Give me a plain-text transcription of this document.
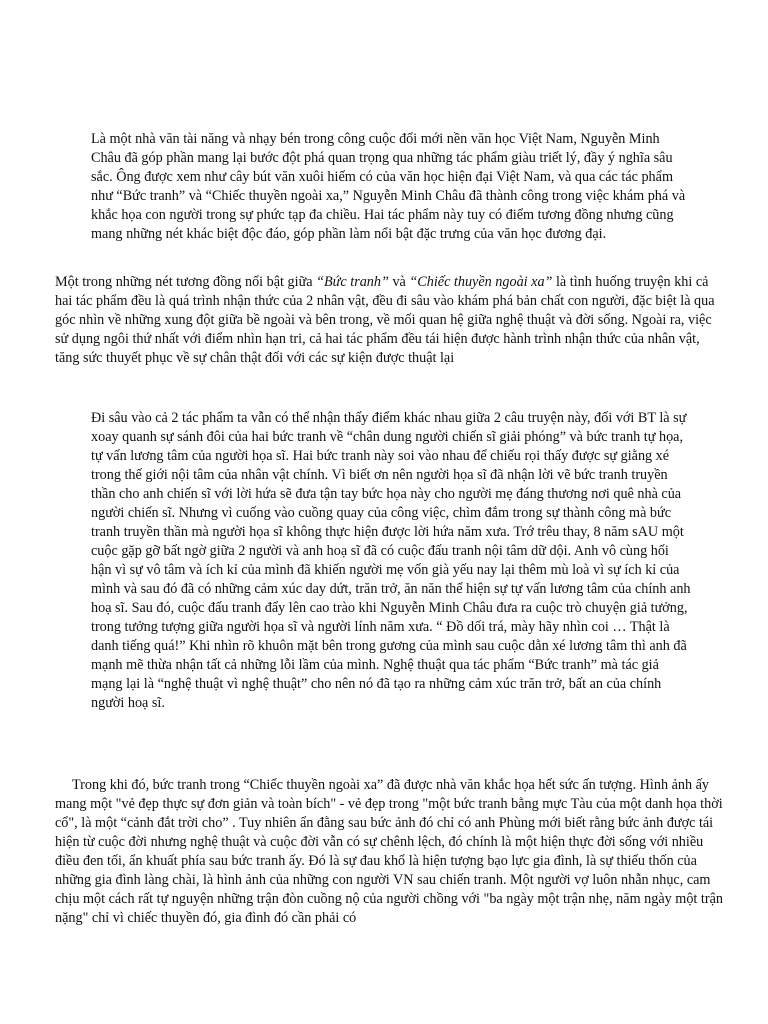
Là một nhà văn tài năng và nhạy bén trong công cuộc đổi mới nền văn học Việt Nam, Nguyễn Minh Châu đã góp phần mang lại bước đột phá quan trọng qua những tác phẩm giàu triết lý, đầy ý nghĩa sâu sắc. Ông được xem như cây bút văn xuôi hiếm có của văn học hiện đại Việt Nam, và qua các tác phẩm như “Bức tranh” và “Chiếc thuyền ngoài xa,” Nguyễn Minh Châu đã thành công trong việc khám phá và khắc họa con người trong sự phức tạp đa chiều. Hai tác phẩm này tuy có điểm tương đồng nhưng cũng mang những nét khác biệt độc đáo, góp phần làm nổi bật đặc trưng của văn học đương đại.

Một trong những nét tương đồng nổi bật giữa “Bức tranh” và “Chiếc thuyền ngoài xa” là tình huống truyện khi cả hai tác phẩm đều là quá trình nhận thức của 2 nhân vật, đều đi sâu vào khám phá bản chất con người, đặc biệt là qua góc nhìn về những xung đột giữa bề ngoài và bên trong, về mối quan hệ giữa nghệ thuật và đời sống. Ngoài ra, việc sử dụng ngôi thứ nhất với điểm nhìn hạn tri, cả hai tác phẩm đều tái hiện được hành trình nhận thức của nhân vật, tăng sức thuyết phục về sự chân thật đối với các sự kiện được thuật lại

Đi sâu vào cả 2 tác phẩm ta vẫn có thể nhận thấy điểm khác nhau giữa 2 câu truyện này, đối với BT là sự xoay quanh sự sánh đôi của hai bức tranh về “chân dung người chiến sĩ giải phóng” và bức tranh tự họa, tự vấn lương tâm của người họa sĩ. Hai bức tranh này soi vào nhau để chiếu rọi thấy được sự giằng xé trong thế giới nội tâm của nhân vật chính. Vì biết ơn nên người họa sĩ đã nhận lời vẽ bức tranh truyền thần cho anh chiến sĩ với lời hứa sẽ đưa tận tay bức họa này cho người mẹ đáng thương nơi quê nhà của người chiến sĩ. Nhưng vì cuống vào cuồng quay của công việc, chìm đắm trong sự thành công mà bức tranh truyền thần mà người họa sĩ không thực hiện được lời hứa năm xưa. Trớ trêu thay, 8 năm sAU một cuộc gặp gỡ bất ngờ giữa 2 người và anh hoạ sĩ đã có cuộc đấu tranh nội tâm dữ dội. Anh vô cùng hối hận vì sự vô tâm và ích kỉ của mình đã khiến người mẹ vốn già yếu nay lại thêm mù loà vì sự ích kỉ của mình và sau đó đã có những cảm xúc day dứt, trăn trở, ăn năn thể hiện sự tự vấn lương tâm của chính anh hoạ sĩ. Sau đó, cuộc đấu tranh đẩy lên cao trào khi Nguyễn Minh Châu đưa ra cuộc trò chuyện giả tưởng, trong tưởng tượng giữa người họa sĩ và người lính năm xưa. “ Đồ dối trá, mày hãy nhìn coi … Thật là danh tiếng quá!” Khi nhìn rõ khuôn mặt bên trong gương của mình sau cuộc dằn xé lương tâm thì anh đã mạnh mẽ thừa nhận tất cả những lỗi lầm của mình. Nghệ thuật qua tác phẩm “Bức tranh” mà tác giả mạng lại là “nghệ thuật vì nghệ thuật” cho nên nó đã tạo ra những cảm xúc trăn trở, bất an của chính người hoạ sĩ.

Trong khi đó, bức tranh trong “Chiếc thuyền ngoài xa” đã được nhà văn khắc họa hết sức ấn tượng. Hình ảnh ấy mang một "vẻ đẹp thực sự đơn giản và toàn bích" - vẻ đẹp trong "một bức tranh bằng mực Tàu của một danh họa thời cổ", là một “cảnh đắt trời cho” . Tuy nhiên ẩn đằng sau bức ảnh đó chỉ có anh Phùng mới biết rằng bức ảnh được tái hiện từ cuộc đời nhưng nghệ thuật và cuộc đời vẫn có sự chênh lệch, đó chính là một hiện thực đời sống với nhiều điều đen tối, ẩn khuất phía sau bức tranh ấy. Đó là sự đau khổ là hiện tượng bạo lực gia đình, là sự thiếu thốn của những gia đình làng chài, là hình ảnh của những con người VN sau chiến tranh. Một người vợ luôn nhẫn nhục, cam chịu một cách rất tự nguyện những trận đòn cuồng nộ của người chồng với "ba ngày một trận nhẹ, năm ngày một trận nặng" chỉ vì chiếc thuyền đó, gia đình đó cần phải có
